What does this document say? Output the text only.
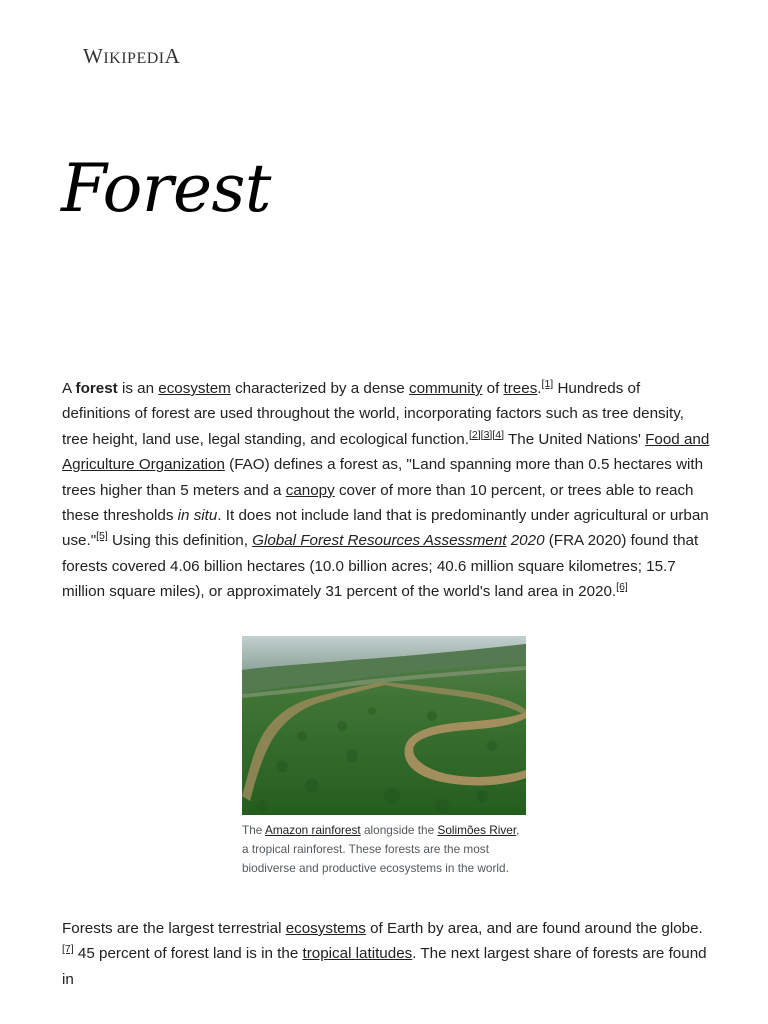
WIKIPEDIA
Forest

A forest is an ecosystem characterized by a dense community of trees.[1] Hundreds of definitions of forest are used throughout the world, incorporating factors such as tree density, tree height, land use, legal standing, and ecological function.[2][3][4] The United Nations' Food and Agriculture Organization (FAO) defines a forest as, "Land spanning more than 0.5 hectares with trees higher than 5 meters and a canopy cover of more than 10 percent, or trees able to reach these thresholds in situ. It does not include land that is predominantly under agricultural or urban use."[5] Using this definition, Global Forest Resources Assessment 2020 (FRA 2020) found that forests covered 4.06 billion hectares (10.0 billion acres; 40.6 million square kilometres; 15.7 million square miles), or approximately 31 percent of the world's land area in 2020.[6]

The Amazon rainforest alongside the Solimões River, a tropical rainforest. These forests are the most biodiverse and productive ecosystems in the world.

Forests are the largest terrestrial ecosystems of Earth by area, and are found around the globe.[7] 45 percent of forest land is in the tropical latitudes. The next largest share of forests are found in
